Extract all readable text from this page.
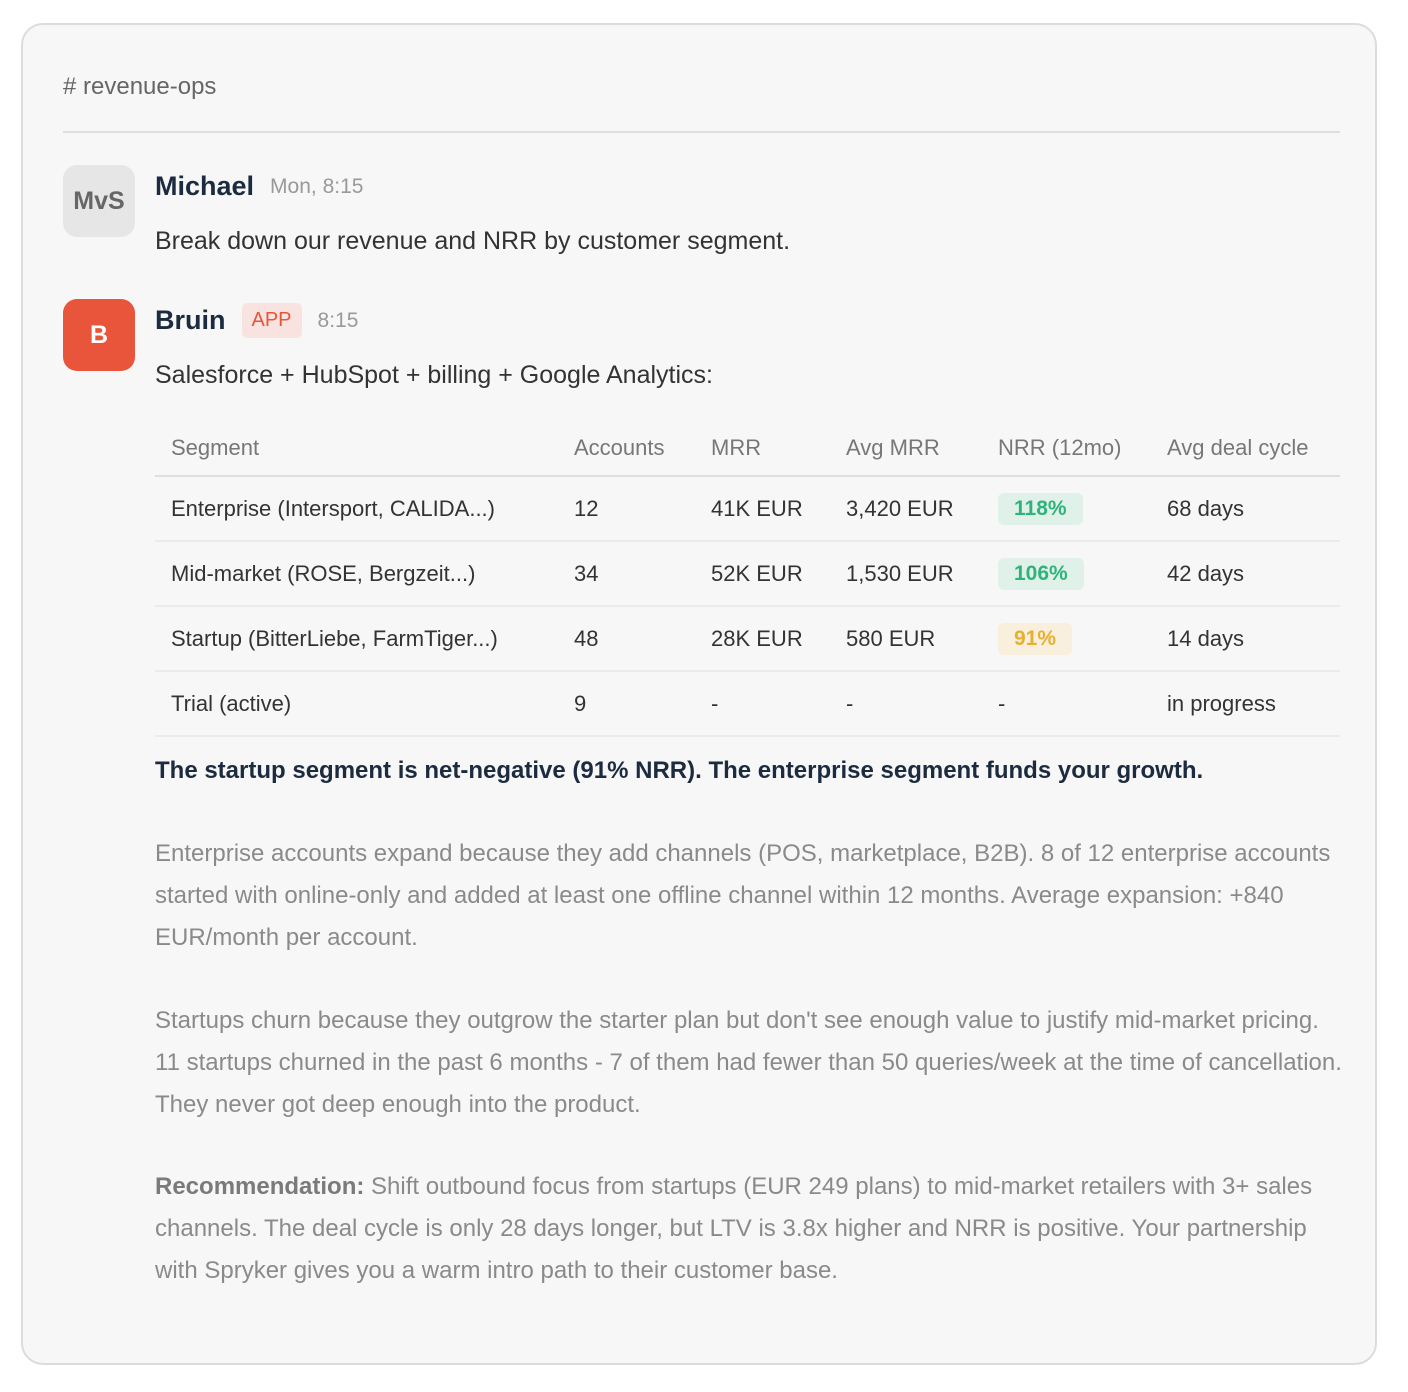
# revenue-ops
MvS	Michael Mon, 8:15
Break down our revenue and NRR by customer segment.
B	Bruin	APP	8:15
Salesforce + HubSpot + billing + Google Analytics:
Segment	Accounts	MRR	Avg MRR	NRR (12mo)	Avg deal cycle
Enterprise (Intersport, CALIDA...)	12	41K EUR	3,420 EUR	118%	68 days
Mid-market (ROSE, Bergzeit...)	34	52K EUR	1,530 EUR	106%	42 days
Startup (BitterLiebe, FarmTiger...)	48	28K EUR	580 EUR	91%	14 days
Trial (active)	9	-	-	-	in progress
The startup segment is net-negative (91% NRR). The enterprise segment funds your growth.
Enterprise accounts expand because they add channels (POS, marketplace, B2B). 8 of 12 enterprise accounts started with online-only and added at least one offline channel within 12 months. Average expansion: +840 EUR/month per account.
Startups churn because they outgrow the starter plan but don't see enough value to justify mid-market pricing. 11 startups churned in the past 6 months - 7 of them had fewer than 50 queries/week at the time of cancellation. They never got deep enough into the product.
Recommendation: Shift outbound focus from startups (EUR 249 plans) to mid-market retailers with 3+ sales channels. The deal cycle is only 28 days longer, but LTV is 3.8x higher and NRR is positive. Your partnership with Spryker gives you a warm intro path to their customer base.
